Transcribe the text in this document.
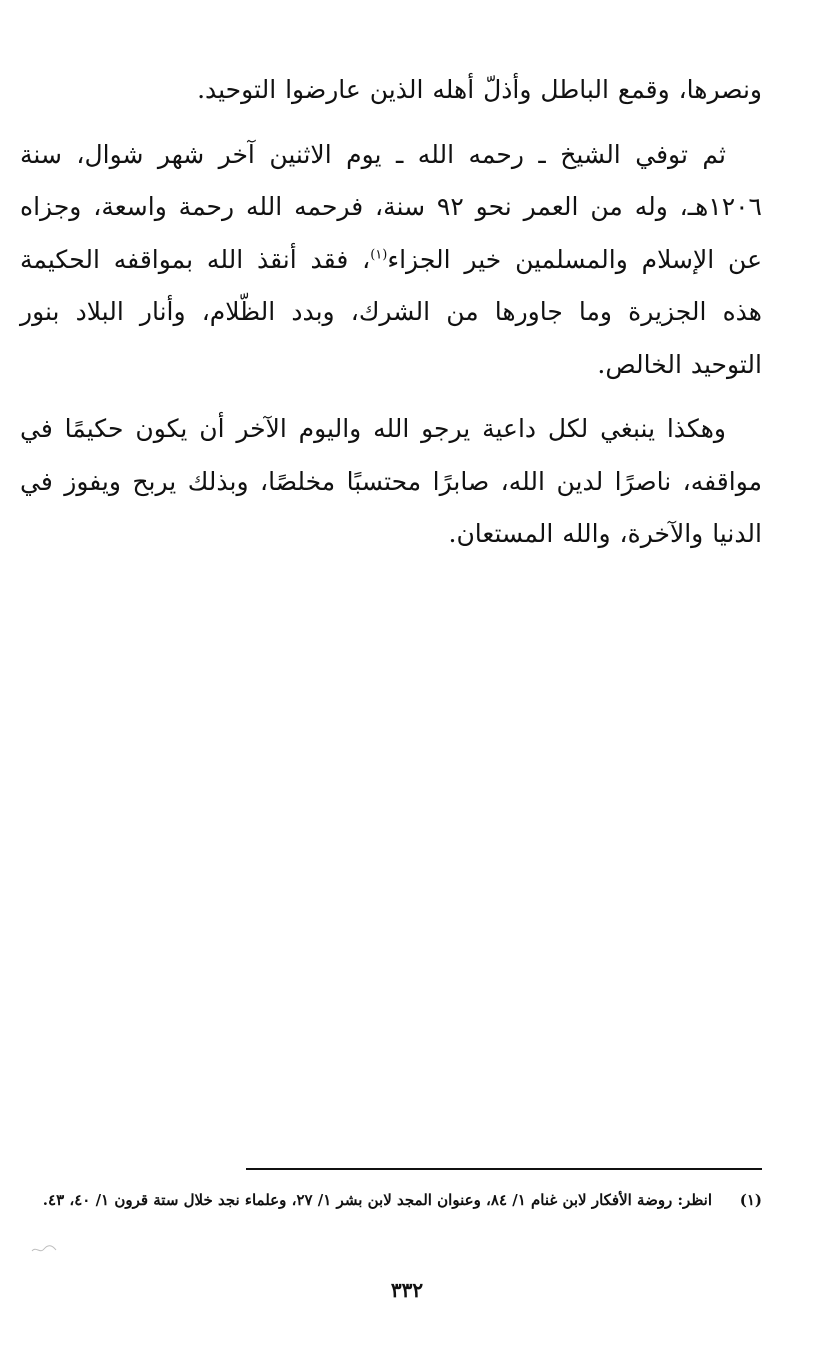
ونصرها، وقمع الباطل وأذلّ أهله الذين عارضوا التوحيد.

ثم توفي الشيخ ـ رحمه الله ـ يوم الاثنين آخر شهر شوال، سنة ١٢٠٦هـ، وله من العمر نحو ٩٢ سنة، فرحمه الله رحمة واسعة، وجزاه عن الإسلام والمسلمين خير الجزاء$^{(١)}$، فقد أنقذ الله بمواقفه الحكيمة هذه الجزيرة وما جاورها من الشرك، وبدد الظّلام، وأنار البلاد بنور التوحيد الخالص.

وهكذا ينبغي لكل داعية يرجو الله واليوم الآخر أن يكون حكيمًا في مواقفه، ناصرًا لدين الله، صابرًا محتسبًا مخلصًا، وبذلك يربح ويفوز في الدنيا والآخرة، والله المستعان.

(١)
انظر: روضة الأفكار لابن غنام ١/ ٨٤، وعنوان المجد لابن بشر ١/ ٢٧، وعلماء نجد خلال ستة قرون ١/ ٤٠، ٤٣.

٣٣٢
